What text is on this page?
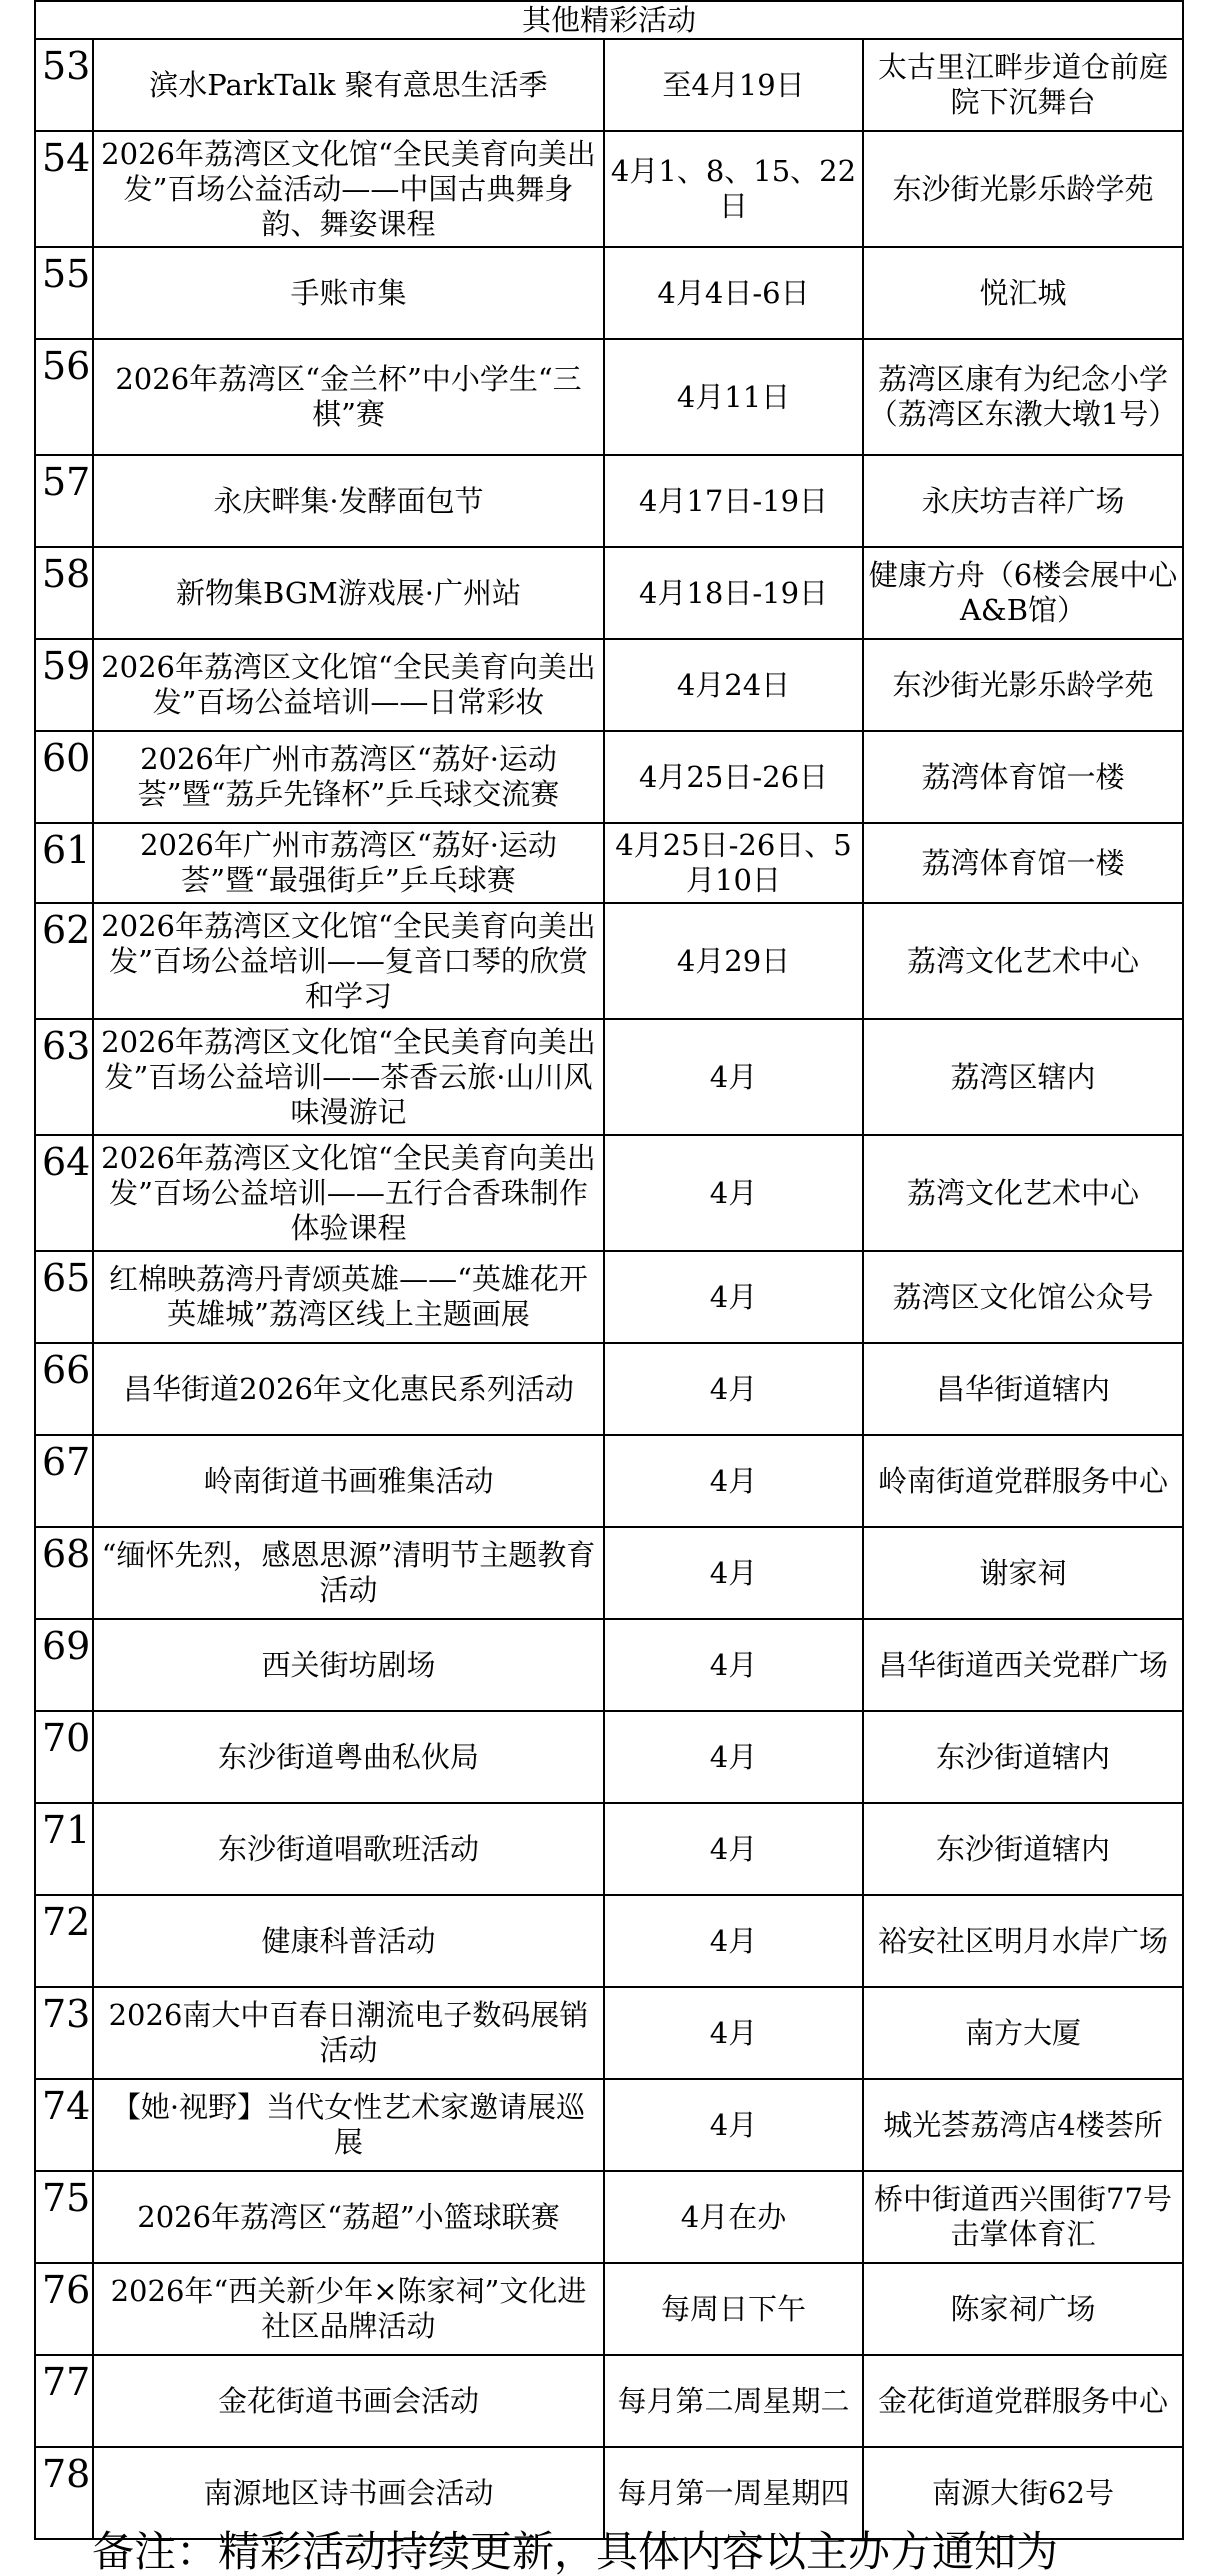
其他精彩活动			
53	滨水ParkTalk 聚有意思生活季	至4月19日	太古里江畔步道仓前庭院下沉舞台
54	2026年荔湾区文化馆“全民美育向美出发”百场公益活动——中国古典舞身韵、舞姿课程	4月1、8、15、22日	东沙街光影乐龄学苑
55	手账市集	4月4日-6日	悦汇城
56	2026年荔湾区“金兰杯”中小学生“三棋”赛	4月11日	荔湾区康有为纪念小学（荔湾区东漖大墩1号）
57	永庆畔集·发酵面包节	4月17日-19日	永庆坊吉祥广场
58	新物集BGM游戏展·广州站	4月18日-19日	健康方舟（6楼会展中心A&B馆）
59	2026年荔湾区文化馆“全民美育向美出发”百场公益培训——日常彩妆	4月24日	东沙街光影乐龄学苑
60	2026年广州市荔湾区“荔好·运动荟”暨“荔乒先锋杯”乒乓球交流赛	4月25日-26日	荔湾体育馆一楼
61	2026年广州市荔湾区“荔好·运动荟”暨“最强街乒”乒乓球赛	4月25日-26日、5月10日	荔湾体育馆一楼
62	2026年荔湾区文化馆“全民美育向美出发”百场公益培训——复音口琴的欣赏和学习	4月29日	荔湾文化艺术中心
63	2026年荔湾区文化馆“全民美育向美出发”百场公益培训——茶香云旅·山川风味漫游记	4月	荔湾区辖内
64	2026年荔湾区文化馆“全民美育向美出发”百场公益培训——五行合香珠制作体验课程	4月	荔湾文化艺术中心
65	红棉映荔湾丹青颂英雄——“英雄花开英雄城”荔湾区线上主题画展	4月	荔湾区文化馆公众号
66	昌华街道2026年文化惠民系列活动	4月	昌华街道辖内
67	岭南街道书画雅集活动	4月	岭南街道党群服务中心
68	“缅怀先烈，感恩思源”清明节主题教育活动	4月	谢家祠
69	西关街坊剧场	4月	昌华街道西关党群广场
70	东沙街道粤曲私伙局	4月	东沙街道辖内
71	东沙街道唱歌班活动	4月	东沙街道辖内
72	健康科普活动	4月	裕安社区明月水岸广场
73	2026南大中百春日潮流电子数码展销活动	4月	南方大厦
74	【她·视野】当代女性艺术家邀请展巡展	4月	城光荟荔湾店4楼荟所
75	2026年荔湾区“荔超”小篮球联赛	4月在办	桥中街道西兴围街77号击掌体育汇
76	2026年“西关新少年×陈家祠”文化进社区品牌活动	每周日下午	陈家祠广场
77	金花街道书画会活动	每月第二周星期二	金花街道党群服务中心
78	南源地区诗书画会活动	每月第一周星期四	南源大街62号
备注：精彩活动持续更新，具体内容以主办方通知为
